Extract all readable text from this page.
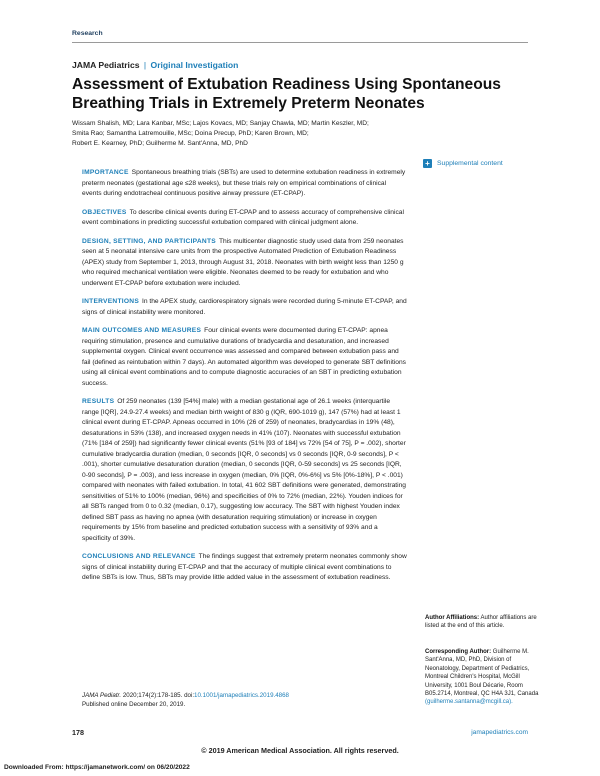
Research
JAMA Pediatrics | Original Investigation
Assessment of Extubation Readiness Using Spontaneous
Breathing Trials in Extremely Preterm Neonates
Wissam Shalish, MD; Lara Kanbar, MSc; Lajos Kovacs, MD; Sanjay Chawla, MD; Martin Keszler, MD;
Smita Rao; Samantha Latremouille, MSc; Doina Precup, PhD; Karen Brown, MD;
Robert E. Kearney, PhD; Guilherme M. Sant'Anna, MD, PhD
+	Supplemental content

IMPORTANCE Spontaneous breathing trials (SBTs) are used to determine extubation readiness in extremely preterm neonates (gestational age ≤28 weeks), but these trials rely on empirical combinations of clinical events during endotracheal continuous positive airway pressure (ET-CPAP).

OBJECTIVES To describe clinical events during ET-CPAP and to assess accuracy of comprehensive clinical event combinations in predicting successful extubation compared with clinical judgment alone.

DESIGN, SETTING, AND PARTICIPANTS This multicenter diagnostic study used data from 259 neonates seen at 5 neonatal intensive care units from the prospective Automated Prediction of Extubation Readiness (APEX) study from September 1, 2013, through August 31, 2018. Neonates with birth weight less than 1250 g who required mechanical ventilation were eligible. Neonates deemed to be ready for extubation and who underwent ET-CPAP before extubation were included.

INTERVENTIONS In the APEX study, cardiorespiratory signals were recorded during 5-minute ET-CPAP, and signs of clinical instability were monitored.

MAIN OUTCOMES AND MEASURES Four clinical events were documented during ET-CPAP: apnea requiring stimulation, presence and cumulative durations of bradycardia and desaturation, and increased supplemental oxygen. Clinical event occurrence was assessed and compared between extubation pass and fail (defined as reintubation within 7 days). An automated algorithm was developed to generate SBT definitions using all clinical event combinations and to compute diagnostic accuracies of an SBT in predicting extubation success.

RESULTS Of 259 neonates (139 [54%] male) with a median gestational age of 26.1 weeks (interquartile range [IQR], 24.9-27.4 weeks) and median birth weight of 830 g (IQR, 690-1019 g), 147 (57%) had at least 1 clinical event during ET-CPAP. Apneas occurred in 10% (26 of 259) of neonates, bradycardias in 19% (48), desaturations in 53% (138), and increased oxygen needs in 41% (107). Neonates with successful extubation (71% [184 of 259]) had significantly fewer clinical events (51% [93 of 184] vs 72% [54 of 75], P = .002), shorter cumulative bradycardia duration (median, 0 seconds [IQR, 0 seconds] vs 0 seconds [IQR, 0-9 seconds], P < .001), shorter cumulative desaturation duration (median, 0 seconds [IQR, 0-59 seconds] vs 25 seconds [IQR, 0-90 seconds], P = .003), and less increase in oxygen (median, 0% [IQR, 0%-6%] vs 5% [0%-18%], P < .001) compared with neonates with failed extubation. In total, 41 602 SBT definitions were generated, demonstrating sensitivities of 51% to 100% (median, 96%) and specificities of 0% to 72% (median, 22%). Youden indices for all SBTs ranged from 0 to 0.32 (median, 0.17), suggesting low accuracy. The SBT with highest Youden index defined SBT pass as having no apnea (with desaturation requiring stimulation) or increase in oxygen requirements by 15% from baseline and predicted extubation success with a sensitivity of 93% and a specificity of 39%.

CONCLUSIONS AND RELEVANCE The findings suggest that extremely preterm neonates commonly show signs of clinical instability during ET-CPAP and that the accuracy of multiple clinical event combinations to define SBTs is low. Thus, SBTs may provide little added value in the assessment of extubation readiness.

Author Affiliations: Author affiliations are listed at the end of this article.
Corresponding Author: Guilherme M. Sant'Anna, MD, PhD, Division of Neonatology, Department of Pediatrics, Montreal Children's Hospital, McGill University, 1001 Boul Décarie, Room B05.2714, Montreal, QC H4A 3J1, Canada (guilherme.santanna@mcgill.ca).
JAMA Pediatr. 2020;174(2):178-185. doi:10.1001/jamapediatrics.2019.4868
Published online December 20, 2019.
178	jamapediatrics.com
© 2019 American Medical Association. All rights reserved.
Downloaded From: https://jamanetwork.com/ on 06/20/2022
